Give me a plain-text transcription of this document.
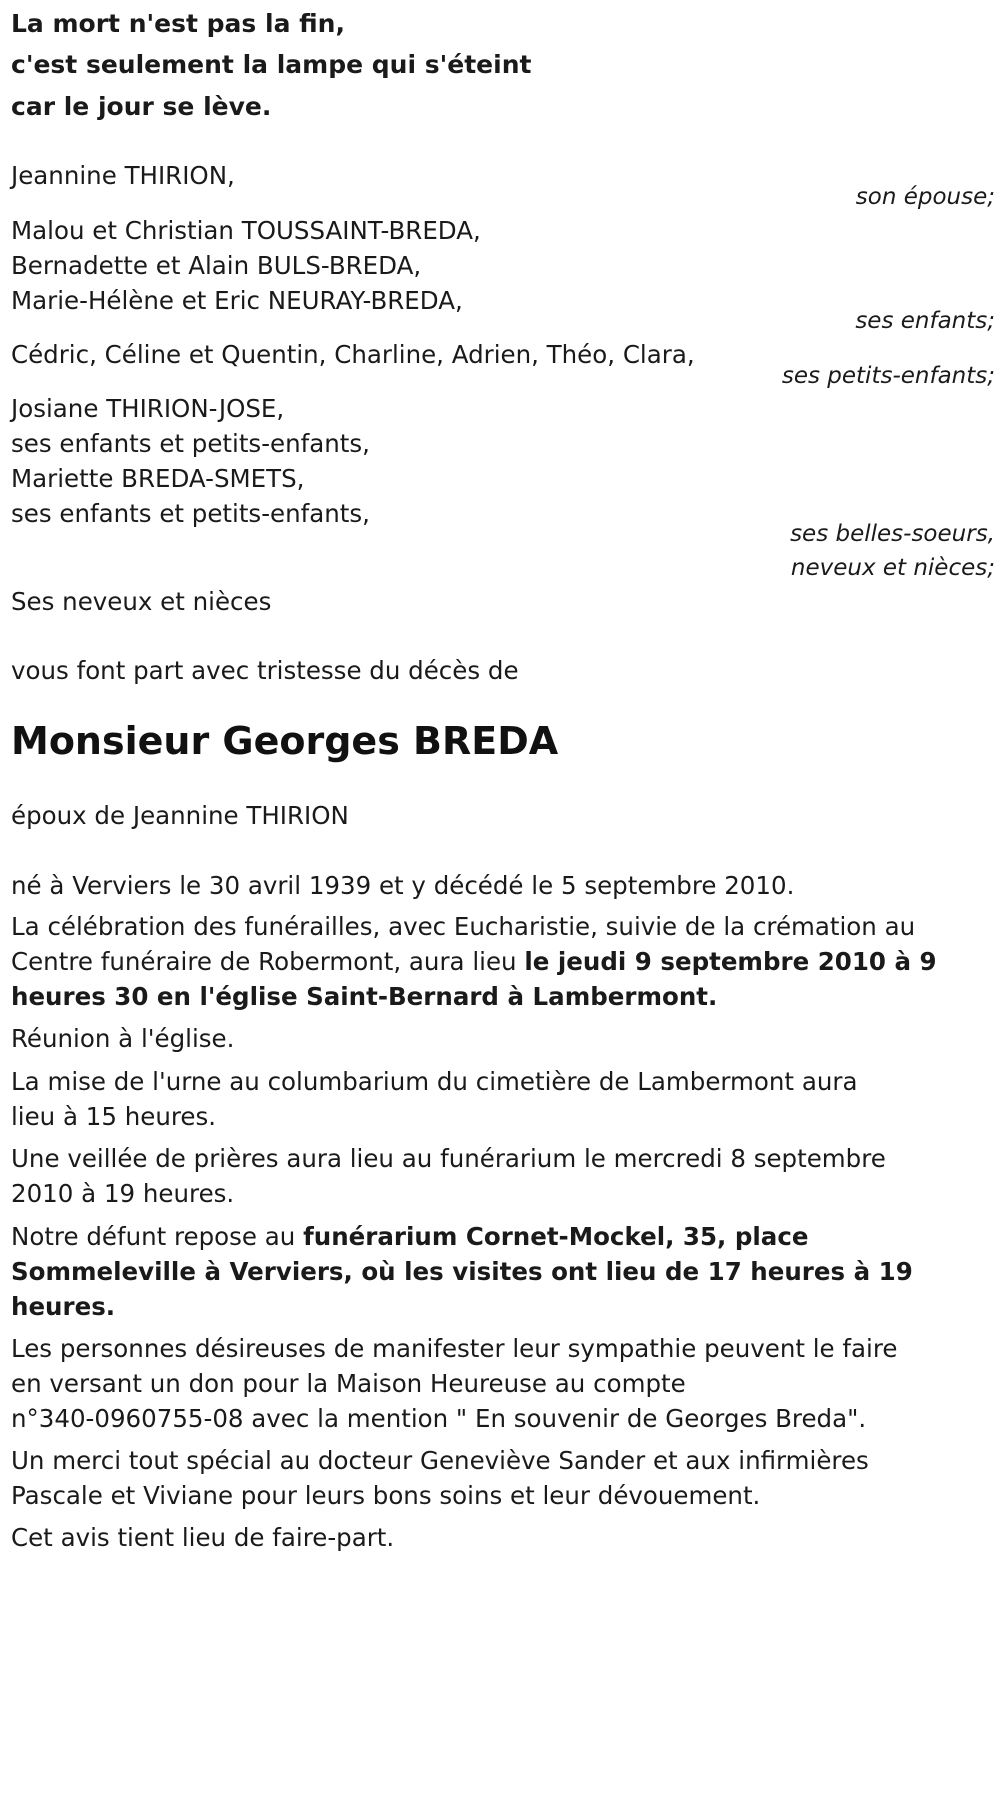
La mort n'est pas la fin,
c'est seulement la lampe qui s'éteint
car le jour se lève.
Jeannine THIRION,
son épouse;
Malou et Christian TOUSSAINT-BREDA,
Bernadette et Alain BULS-BREDA,
Marie-Hélène et Eric NEURAY-BREDA,
ses enfants;
Cédric, Céline et Quentin, Charline, Adrien, Théo, Clara,
ses petits-enfants;
Josiane THIRION-JOSE,
ses enfants et petits-enfants,
Mariette BREDA-SMETS,
ses enfants et petits-enfants,
ses belles-soeurs,
neveux et nièces;
Ses neveux et nièces
vous font part avec tristesse du décès de
Monsieur Georges BREDA
époux de Jeannine THIRION
né à Verviers le 30 avril 1939 et y décédé le 5 septembre 2010.
La célébration des funérailles, avec Eucharistie, suivie de la crémation au
Centre funéraire de Robermont, aura lieu le jeudi 9 septembre 2010 à 9
heures 30 en l'église Saint-Bernard à Lambermont.
Réunion à l'église.
La mise de l'urne au columbarium du cimetière de Lambermont aura
lieu à 15 heures.
Une veillée de prières aura lieu au funérarium le mercredi 8 septembre
2010 à 19 heures.
Notre défunt repose au funérarium Cornet-Mockel, 35, place
Sommeleville à Verviers, où les visites ont lieu de 17 heures à 19
heures.
Les personnes désireuses de manifester leur sympathie peuvent le faire
en versant un don pour la Maison Heureuse au compte
n°340-0960755-08 avec la mention " En souvenir de Georges Breda".
Un merci tout spécial au docteur Geneviève Sander et aux infirmières
Pascale et Viviane pour leurs bons soins et leur dévouement.
Cet avis tient lieu de faire-part.
